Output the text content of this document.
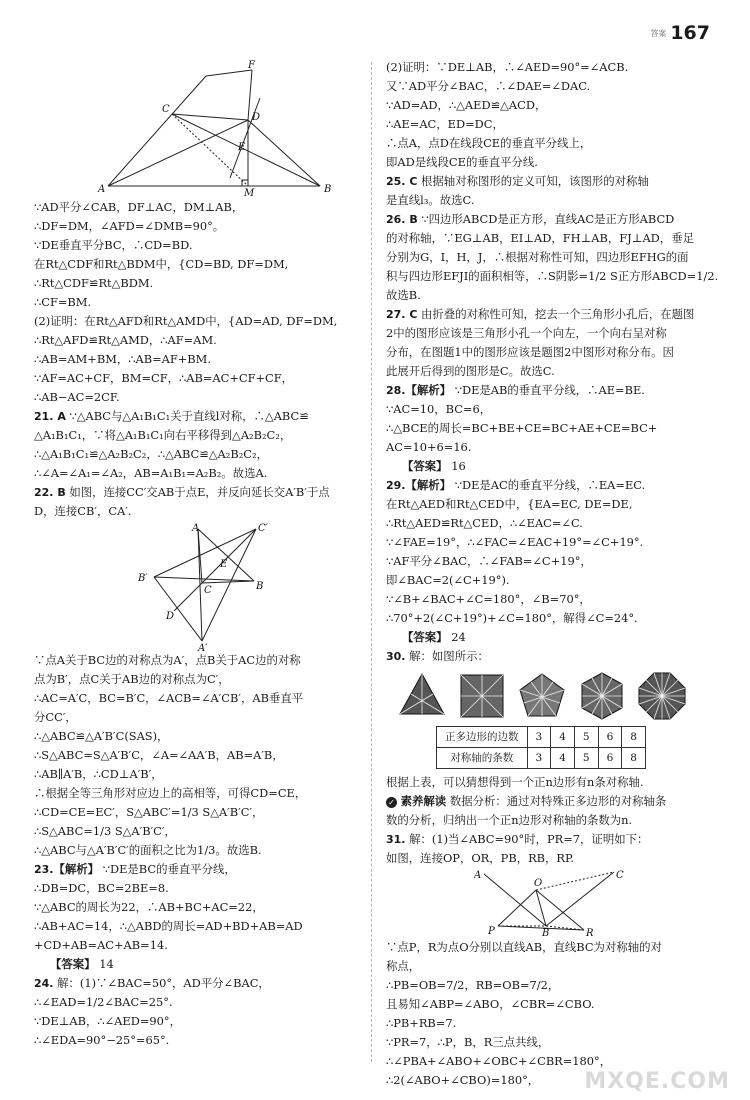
答案 167
F
C
D
E
A	M	B
∵AD平分∠CAB，DF⊥AC，DM⊥AB，
∴DF=DM，∠AFD=∠DMB=90°。
∵DE垂直平分BC，∴CD=BD.
在Rt△CDF和Rt△BDM中，{CD=BD, DF=DM,
∴Rt△CDF≌Rt△BDM.
∴CF=BM.
(2)证明：在Rt△AFD和Rt△AMD中，{AD=AD, DF=DM,
∴Rt△AFD≌Rt△AMD，∴AF=AM.
∴AB=AM+BM，∴AB=AF+BM.
∵AF=AC+CF，BM=CF，∴AB=AC+CF+CF，
∴AB−AC=2CF.
21. A ∵△ABC与△A₁B₁C₁关于直线l对称，∴△ABC≌
△A₁B₁C₁，∵将△A₁B₁C₁向右平移得到△A₂B₂C₂，
∴△A₁B₁C₁≌△A₂B₂C₂，∴△ABC≌△A₂B₂C₂，
∴∠A=∠A₁=∠A₂，AB=A₁B₁=A₂B₂。故选A.
22. B 如图，连接CC′交AB于点E，并反向延长交A′B′于点
D，连接CB′，CA′.
A	C′
E
B′
C	B
D
A′
∵点A关于BC边的对称点为A′，点B关于AC边的对称
点为B′，点C关于AB边的对称点为C′，
∴AC=A′C，BC=B′C，∠ACB=∠A′CB′，AB垂直平
分CC′，
∴△ABC≌△A′B′C(SAS)，
∴S△ABC=S△A′B′C，∠A=∠AA′B，AB=A′B，
∴AB∥A′B，∴CD⊥A′B′，
∴根据全等三角形对应边上的高相等，可得CD=CE，
∴CD=CE=EC′，S△ABC′=1/3 S△A′B′C′，
∴S△ABC=1/3 S△A′B′C′，
∴△ABC与△A′B′C′的面积之比为1/3。故选B.
23.【解析】 ∵DE是BC的垂直平分线，
∴DB=DC，BC=2BE=8.
∵△ABC的周长为22，∴AB+BC+AC=22，
∴AB+AC=14，∴△ABD的周长=AD+BD+AB=AD
+CD+AB=AC+AB=14.
【答案】 14
24. 解：(1)∵∠BAC=50°，AD平分∠BAC，
∴∠EAD=1/2∠BAC=25°.
∵DE⊥AB，∴∠AED=90°，
∴∠EDA=90°−25°=65°.
(2)证明：∵DE⊥AB，∴∠AED=90°=∠ACB.
又∵AD平分∠BAC，∴∠DAE=∠DAC.
∵AD=AD，∴△AED≌△ACD，
∴AE=AC，ED=DC，
∴点A，点D在线段CE的垂直平分线上，
即AD是线段CE的垂直平分线.
25. C 根据轴对称图形的定义可知，该图形的对称轴
是直线l₃。故选C.
26. B ∵四边形ABCD是正方形，直线AC是正方形ABCD
的对称轴，∵EG⊥AB，EI⊥AD，FH⊥AB，FJ⊥AD，垂足
分别为G，I，H，J，∴根据对称性可知，四边形EFHG的面
积与四边形EFJI的面积相等，∴S阴影=1/2 S正方形ABCD=1/2.
故选B.
27. C 由折叠的对称性可知，挖去一个三角形小孔后，在题图
2中的图形应该是三角形小孔一个向左，一个向右呈对称
分布，在图题1中的图形应该是题图2中图形对称分布。因
此展开后得到的图形是C。故选C.
28.【解析】 ∵DE是AB的垂直平分线，∴AE=BE.
∵AC=10，BC=6，
∴△BCE的周长=BC+BE+CE=BC+AE+CE=BC+
AC=10+6=16.
【答案】 16
29.【解析】 ∵DE是AC的垂直平分线，∴EA=EC.
在Rt△AED和Rt△CED中，{EA=EC, DE=DE,
∴Rt△AED≌Rt△CED，∴∠EAC=∠C.
∵∠FAE=19°，∴∠FAC=∠EAC+19°=∠C+19°.
∵AF平分∠BAC，∴∠FAB=∠C+19°，
即∠BAC=2(∠C+19°).
∵∠B+∠BAC+∠C=180°，∠B=70°，
∴70°+2(∠C+19°)+∠C=180°，解得∠C=24°.
【答案】 24
30. 解：如图所示：
正多边形的边数	3	4	5	6	8
对称轴的条数	3	4	5	6	8
根据上表，可以猜想得到一个正n边形有n条对称轴.
✓ 素养解读 数据分析：通过对特殊正多边形的对称轴条
数的分析，归纳出一个正n边形对称轴的条数为n.
31. 解：(1)当∠ABC=90°时，PR=7，证明如下：
如图，连接OP，OR，PB，RB，RP.
A
O
C
P	B	R
∵点P，R为点O分别以直线AB，直线BC为对称轴的对
称点，
∴PB=OB=7/2，RB=OB=7/2，
且易知∠ABP=∠ABO，∠CBR=∠CBO.
∴PB+RB=7.
∵PR=7，∴P，B，R三点共线，
∴∠PBA+∠ABO+∠OBC+∠CBR=180°，
∴2(∠ABO+∠CBO)=180°，	MXQE.COM
